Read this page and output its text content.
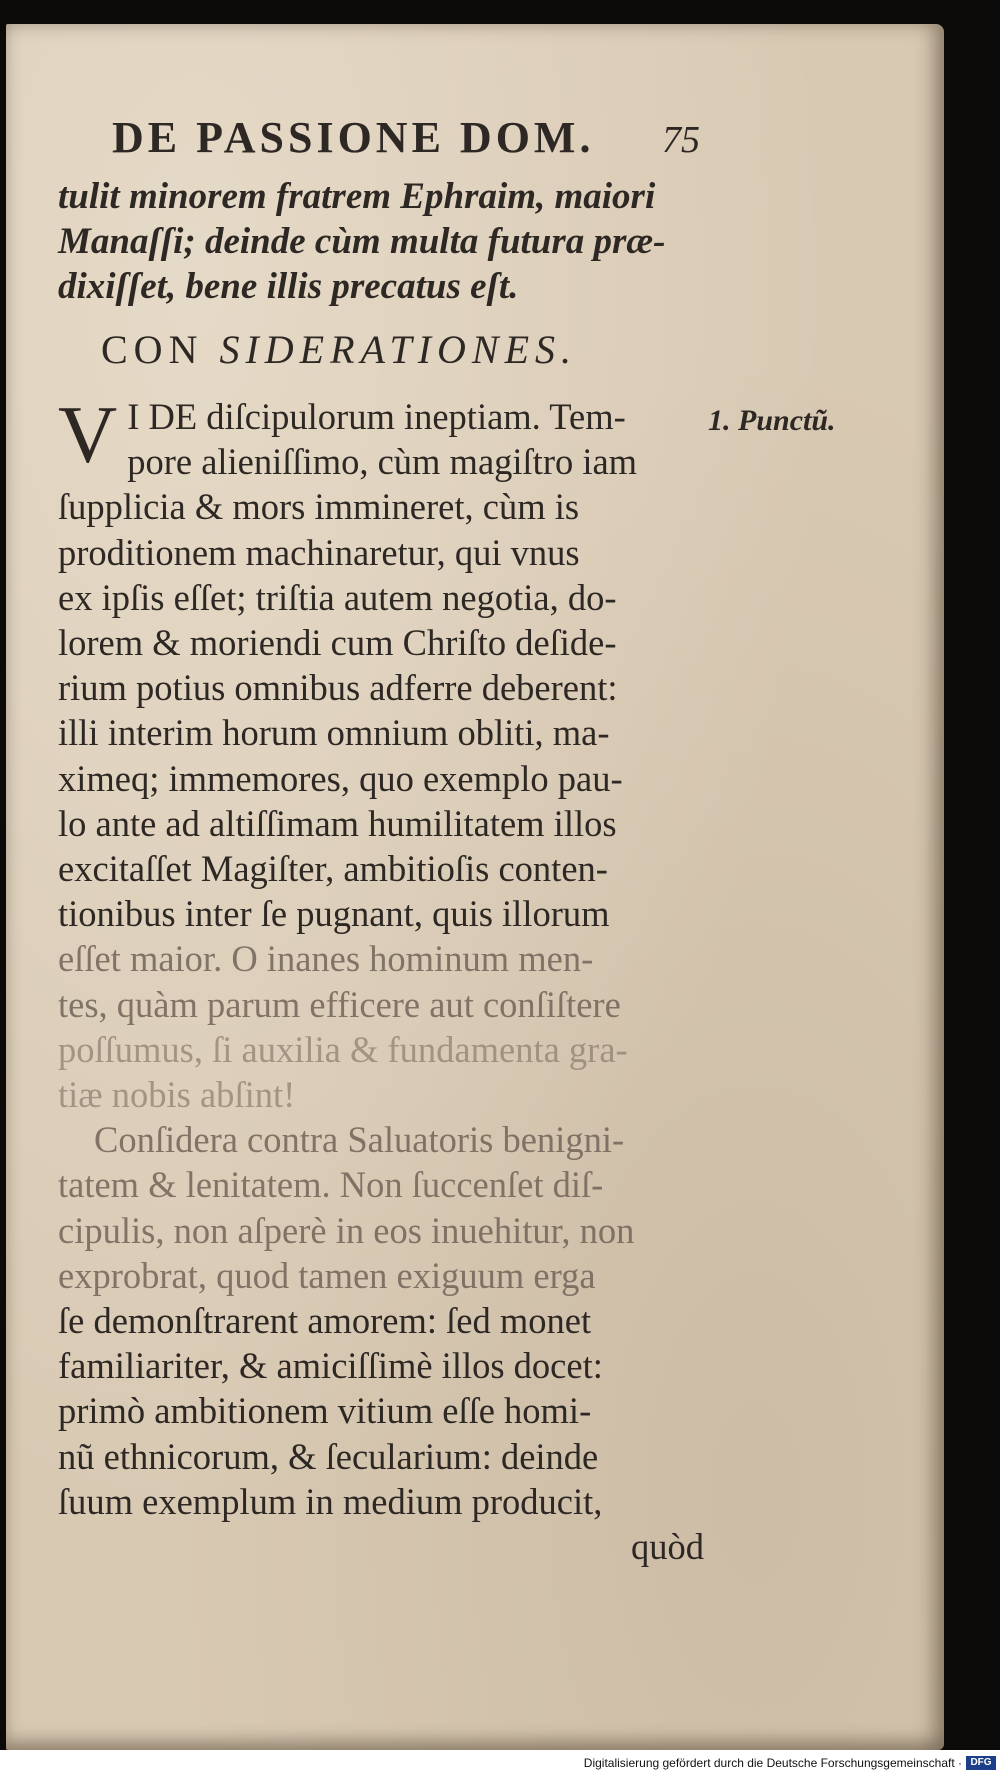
DE PASSIONE DOM. 75
tulit minorem fratrem Ephraim, maiori
Manaſſi; deinde cùm multa futura præ-
dixiſſet, bene illis precatus eſt.
CON SIDERATIONES.
1. Punctũ.
V I DE diſcipulorum ineptiam. Tem-
pore alieniſſimo, cùm magiſtro iam
ſupplicia & mors immineret, cùm is
proditionem machinaretur, qui vnus
ex ipſis eſſet; triſtia autem negotia, do-
lorem & moriendi cum Chriſto deſide-
rium potius omnibus adferre deberent:
illi interim horum omnium obliti, ma-
ximeq; immemores, quo exemplo pau-
lo ante ad altiſſimam humilitatem illos
excitaſſet Magiſter, ambitioſis conten-
tionibus inter ſe pugnant, quis illorum
eſſet maior. O inanes hominum men-
tes, quàm parum efficere aut conſiſtere
poſſumus, ſi auxilia & fundamenta gra-
tiæ nobis abſint!
Conſidera contra Saluatoris benigni-
tatem & lenitatem. Non ſuccenſet diſ-
cipulis, non aſperè in eos inuehitur, non
exprobrat, quod tamen exiguum erga
ſe demonſtrarent amorem: ſed monet
familiariter, & amiciſſimè illos docet:
primò ambitionem vitium eſſe homi-
nũ ethnicorum, & ſecularium: deinde
ſuum exemplum in medium producit,
quòd
Digitalisierung gefördert durch die Deutsche Forschungsgemeinschaft · DFG
